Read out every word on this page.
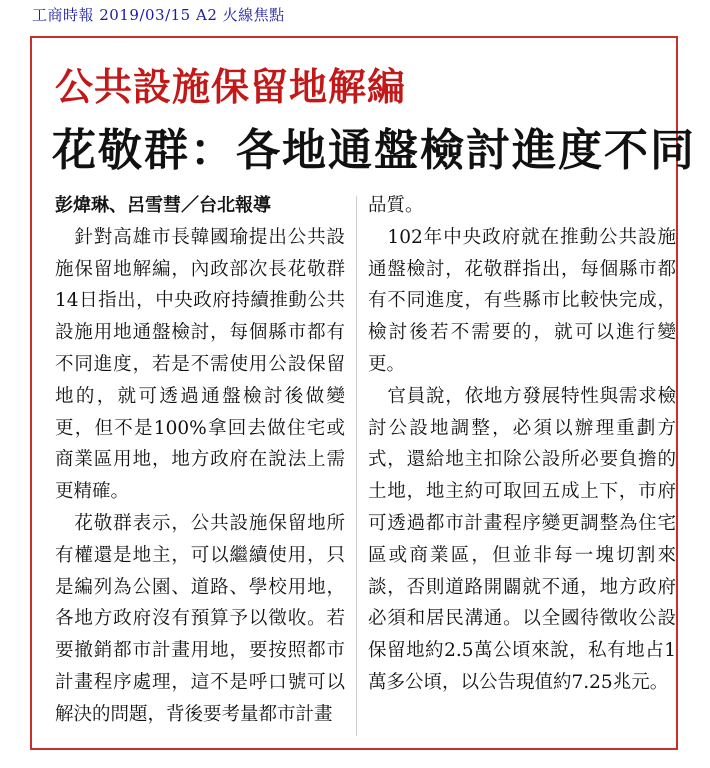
工商時報 2019/03/15 A2 火線焦點
公共設施保留地解編
花敬群：各地通盤檢討進度不同

彭煒琳、呂雪彗／台北報導

針對高雄市長韓國瑜提出公共設施保留地解編，內政部次長花敬群14日指出，中央政府持續推動公共設施用地通盤檢討，每個縣市都有不同進度，若是不需使用公設保留地的，就可透過通盤檢討後做變更，但不是100%拿回去做住宅或商業區用地，地方政府在說法上需更精確。

花敬群表示，公共設施保留地所有權還是地主，可以繼續使用，只是編列為公園、道路、學校用地，各地方政府沒有預算予以徵收。若要撤銷都市計畫用地，要按照都市計畫程序處理，這不是呼口號可以解決的問題，背後要考量都市計畫

品質。

102年中央政府就在推動公共設施通盤檢討，花敬群指出，每個縣市都有不同進度，有些縣市比較快完成，檢討後若不需要的，就可以進行變更。

官員說，依地方發展特性與需求檢討公設地調整，必須以辦理重劃方式，還給地主扣除公設所必要負擔的土地，地主約可取回五成上下，市府可透過都市計畫程序變更調整為住宅區或商業區，但並非每一塊切割來談，否則道路開闢就不通，地方政府必須和居民溝通。以全國待徵收公設保留地約2.5萬公頃來說，私有地占1萬多公頃，以公告現值約7.25兆元。
